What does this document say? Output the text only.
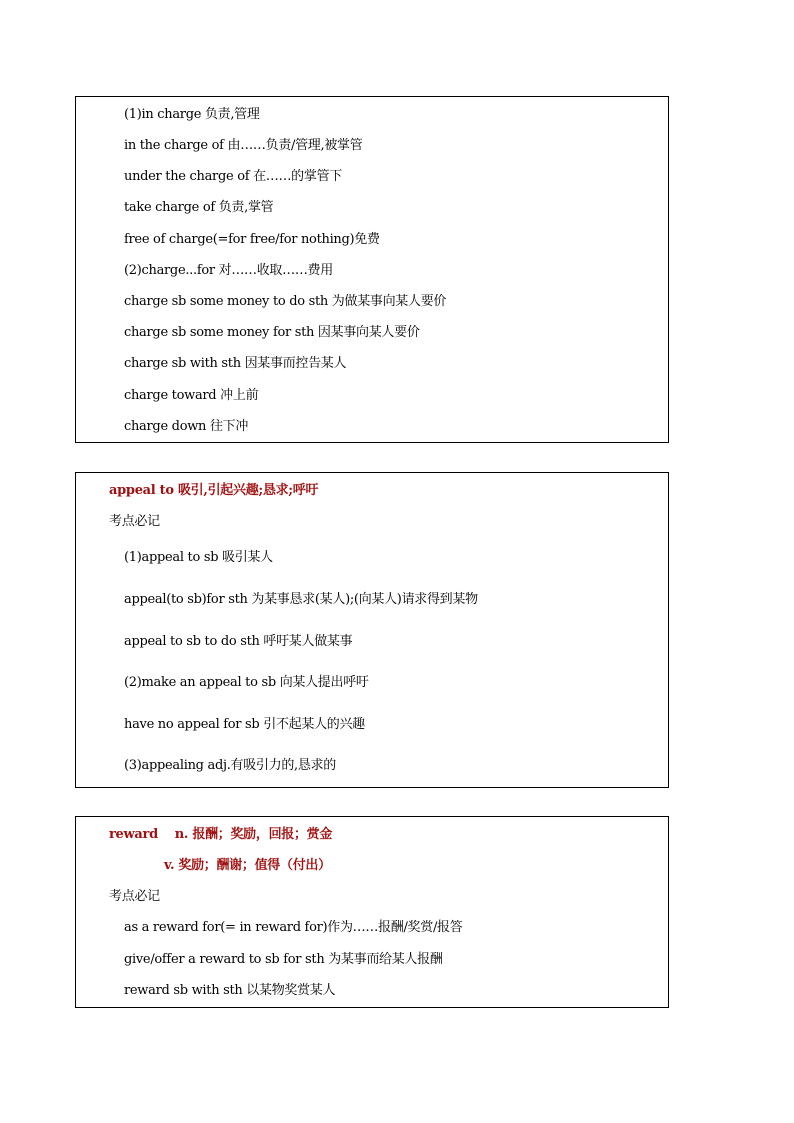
(1)in charge 负责,管理
in the charge of 由……负责/管理,被掌管
under the charge of 在……的掌管下
take charge of 负责,掌管
free of charge(=for free/for nothing)免费
(2)charge...for 对……收取……费用
charge sb some money to do sth 为做某事向某人要价
charge sb some money for sth 因某事向某人要价
charge sb with sth 因某事而控告某人
charge toward 冲上前
charge down 往下冲
appeal to 吸引,引起兴趣;恳求;呼吁
考点必记
(1)appeal to sb 吸引某人
appeal(to sb)for sth 为某事恳求(某人);(向某人)请求得到某物
appeal to sb to do sth 呼吁某人做某事
(2)make an appeal to sb 向某人提出呼吁
have no appeal for sb 引不起某人的兴趣
(3)appealing adj.有吸引力的,恳求的
reward    n. 报酬；奖励，回报；赏金
v. 奖励；酬谢；值得（付出）
考点必记
as a reward for(= in reward for)作为……报酬/奖赏/报答
give/offer a reward to sb for sth 为某事而给某人报酬
reward sb with sth 以某物奖赏某人
